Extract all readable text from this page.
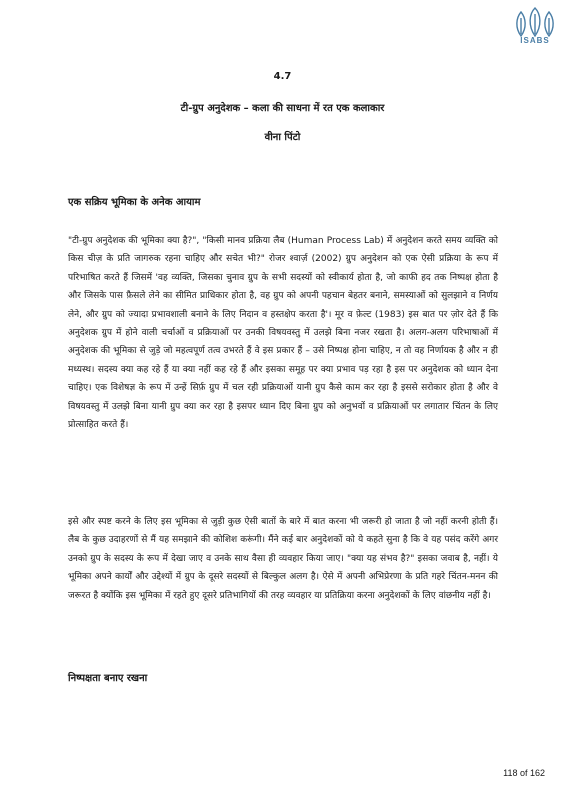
ISABS
4.7
टी-ग्रुप अनुदेशक – कला की साधना में रत एक कलाकार
वीना पिंटो
एक सक्रिय भूमिका के अनेक आयाम

"टी-ग्रुप अनुदेशक की भूमिका क्या है?", "किसी मानव प्रक्रिया लैब (Human Process Lab) में अनुदेशन करते समय व्यक्ति को किस चीज़ के प्रति जागरुक रहना चाहिए और सचेत भी?" रोजर श्वार्ज़ (2002) ग्रुप अनुदेशन को एक ऐसी प्रक्रिया के रूप में परिभाषित करते हैं जिसमें 'वह व्यक्ति, जिसका चुनाव ग्रुप के सभी सदस्यों को स्वीकार्य होता है, जो काफी हद तक निष्पक्ष होता है और जिसके पास फ़ैसले लेने का सीमित प्राधिकार होता है, वह ग्रुप को अपनी पहचान बेहतर बनाने, समस्याओं को सुलझाने व निर्णय लेने, और ग्रुप को ज्यादा प्रभावशाली बनाने के लिए निदान व हस्तक्षेप करता है'। मूर व फ़ेल्ट (1983) इस बात पर ज़ोर देते हैं कि अनुदेशक ग्रुप में होने वाली चर्चाओं व प्रक्रियाओं पर उनकी विषयवस्तु में उलझे बिना नजर रखता है। अलग-अलग परिभाषाओं में अनुदेशक की भूमिका से जुड़े जो महत्वपूर्ण तत्व उभरते हैं वे इस प्रकार हैं – उसे निष्पक्ष होना चाहिए, न तो वह निर्णायक है और न ही मध्यस्थ। सदस्य क्या कह रहे हैं या क्या नहीं कह रहे हैं और इसका समूह पर क्या प्रभाव पड़ रहा है इस पर अनुदेशक को ध्यान देना चाहिए। एक विशेषज्ञ के रूप में उन्हें सिर्फ़ ग्रुप में चल रही प्रक्रियाओं यानी ग्रुप कैसे काम कर रहा है इससे सरोकार होता है और वे विषयवस्तु में उलझे बिना यानी ग्रुप क्या कर रहा है इसपर ध्यान दिए बिना ग्रुप को अनुभवों व प्रक्रियाओं पर लगातार चिंतन के लिए प्रोत्साहित करते हैं।

इसे और स्पष्ट करने के लिए इस भूमिका से जुड़ी कुछ ऐसी बातों के बारे में बात करना भी जरूरी हो जाता है जो नहीं करनी होती हैं। लैब के कुछ उदाहरणों से मैं यह समझाने की कोशिश करूंगी। मैंने कई बार अनुदेशकों को ये कहते सुना है कि वे यह पसंद करेंगे अगर उनको ग्रुप के सदस्य के रूप में देखा जाए व उनके साथ वैसा ही व्यवहार किया जाए। "क्या यह संभव है?" इसका जवाब है, नहीं। ये भूमिका अपने कार्यों और उद्देश्यों में ग्रुप के दूसरे सदस्यों से बिल्कुल अलग है। ऐसे में अपनी अभिप्रेरणा के प्रति गहरे चिंतन-मनन की जरूरत है क्योंकि इस भूमिका में रहते हुए दूसरे प्रतिभागियों की तरह व्यवहार या प्रतिक्रिया करना अनुदेशकों के लिए वांछनीय नहीं है।

निष्पक्षता बनाए रखना
118 of 162
